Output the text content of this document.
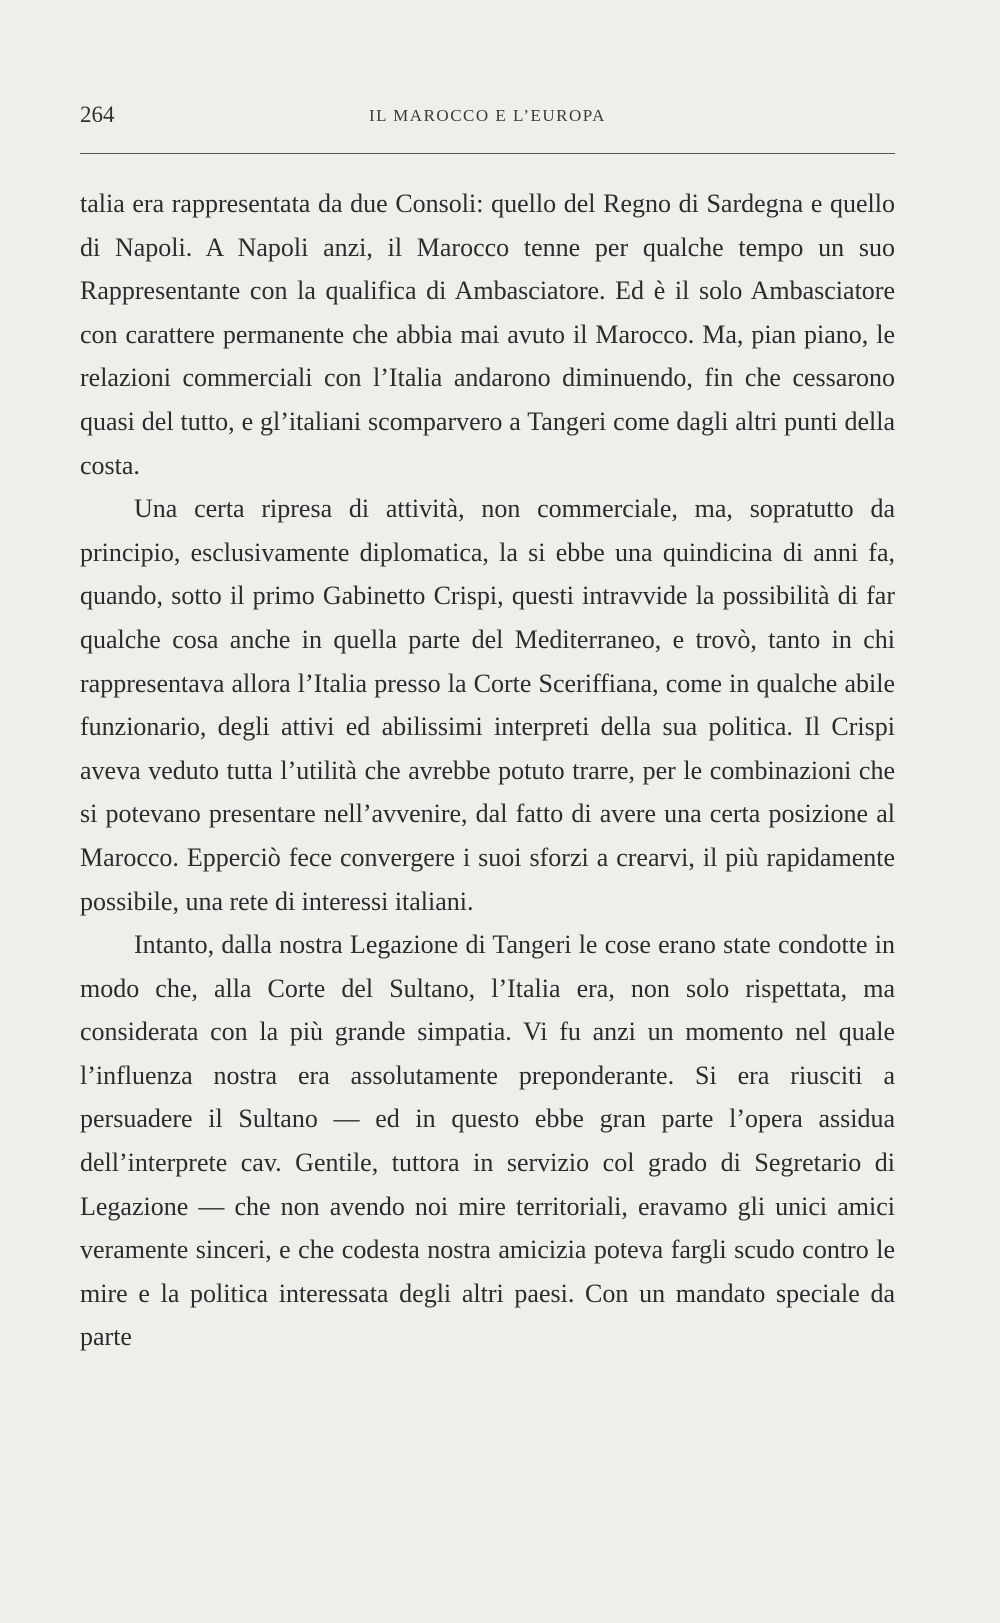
264	IL MAROCCO E L’EUROPA

talia era rappresentata da due Consoli: quello del Regno di Sardegna e quello di Napoli. A Napoli anzi, il Marocco tenne per qualche tempo un suo Rappresentante con la qualifica di Ambasciatore. Ed è il solo Ambasciatore con carattere permanente che abbia mai avuto il Marocco. Ma, pian piano, le relazioni commerciali con l’Italia andarono diminuendo, fin che cessarono quasi del tutto, e gl’italiani scomparvero a Tangeri come dagli altri punti della costa.

Una certa ripresa di attività, non commerciale, ma, sopratutto da principio, esclusivamente diplomatica, la si ebbe una quindicina di anni fa, quando, sotto il primo Gabinetto Crispi, questi intravvide la possibilità di far qualche cosa anche in quella parte del Mediterraneo, e trovò, tanto in chi rappresentava allora l’Italia presso la Corte Sceriffiana, come in qualche abile funzionario, degli attivi ed abilissimi interpreti della sua politica. Il Crispi aveva veduto tutta l’utilità che avrebbe potuto trarre, per le combinazioni che si potevano presentare nell’avvenire, dal fatto di avere una certa posizione al Marocco. Epperciò fece convergere i suoi sforzi a crearvi, il più rapidamente possibile, una rete di interessi italiani.

Intanto, dalla nostra Legazione di Tangeri le cose erano state condotte in modo che, alla Corte del Sultano, l’Italia era, non solo rispettata, ma considerata con la più grande simpatia. Vi fu anzi un momento nel quale l’influenza nostra era assolutamente preponderante. Si era riusciti a persuadere il Sultano — ed in questo ebbe gran parte l’opera assidua dell’interprete cav. Gentile, tuttora in servizio col grado di Segretario di Legazione — che non avendo noi mire territoriali, eravamo gli unici amici veramente sinceri, e che codesta nostra amicizia poteva fargli scudo contro le mire e la politica interessata degli altri paesi. Con un mandato speciale da parte
